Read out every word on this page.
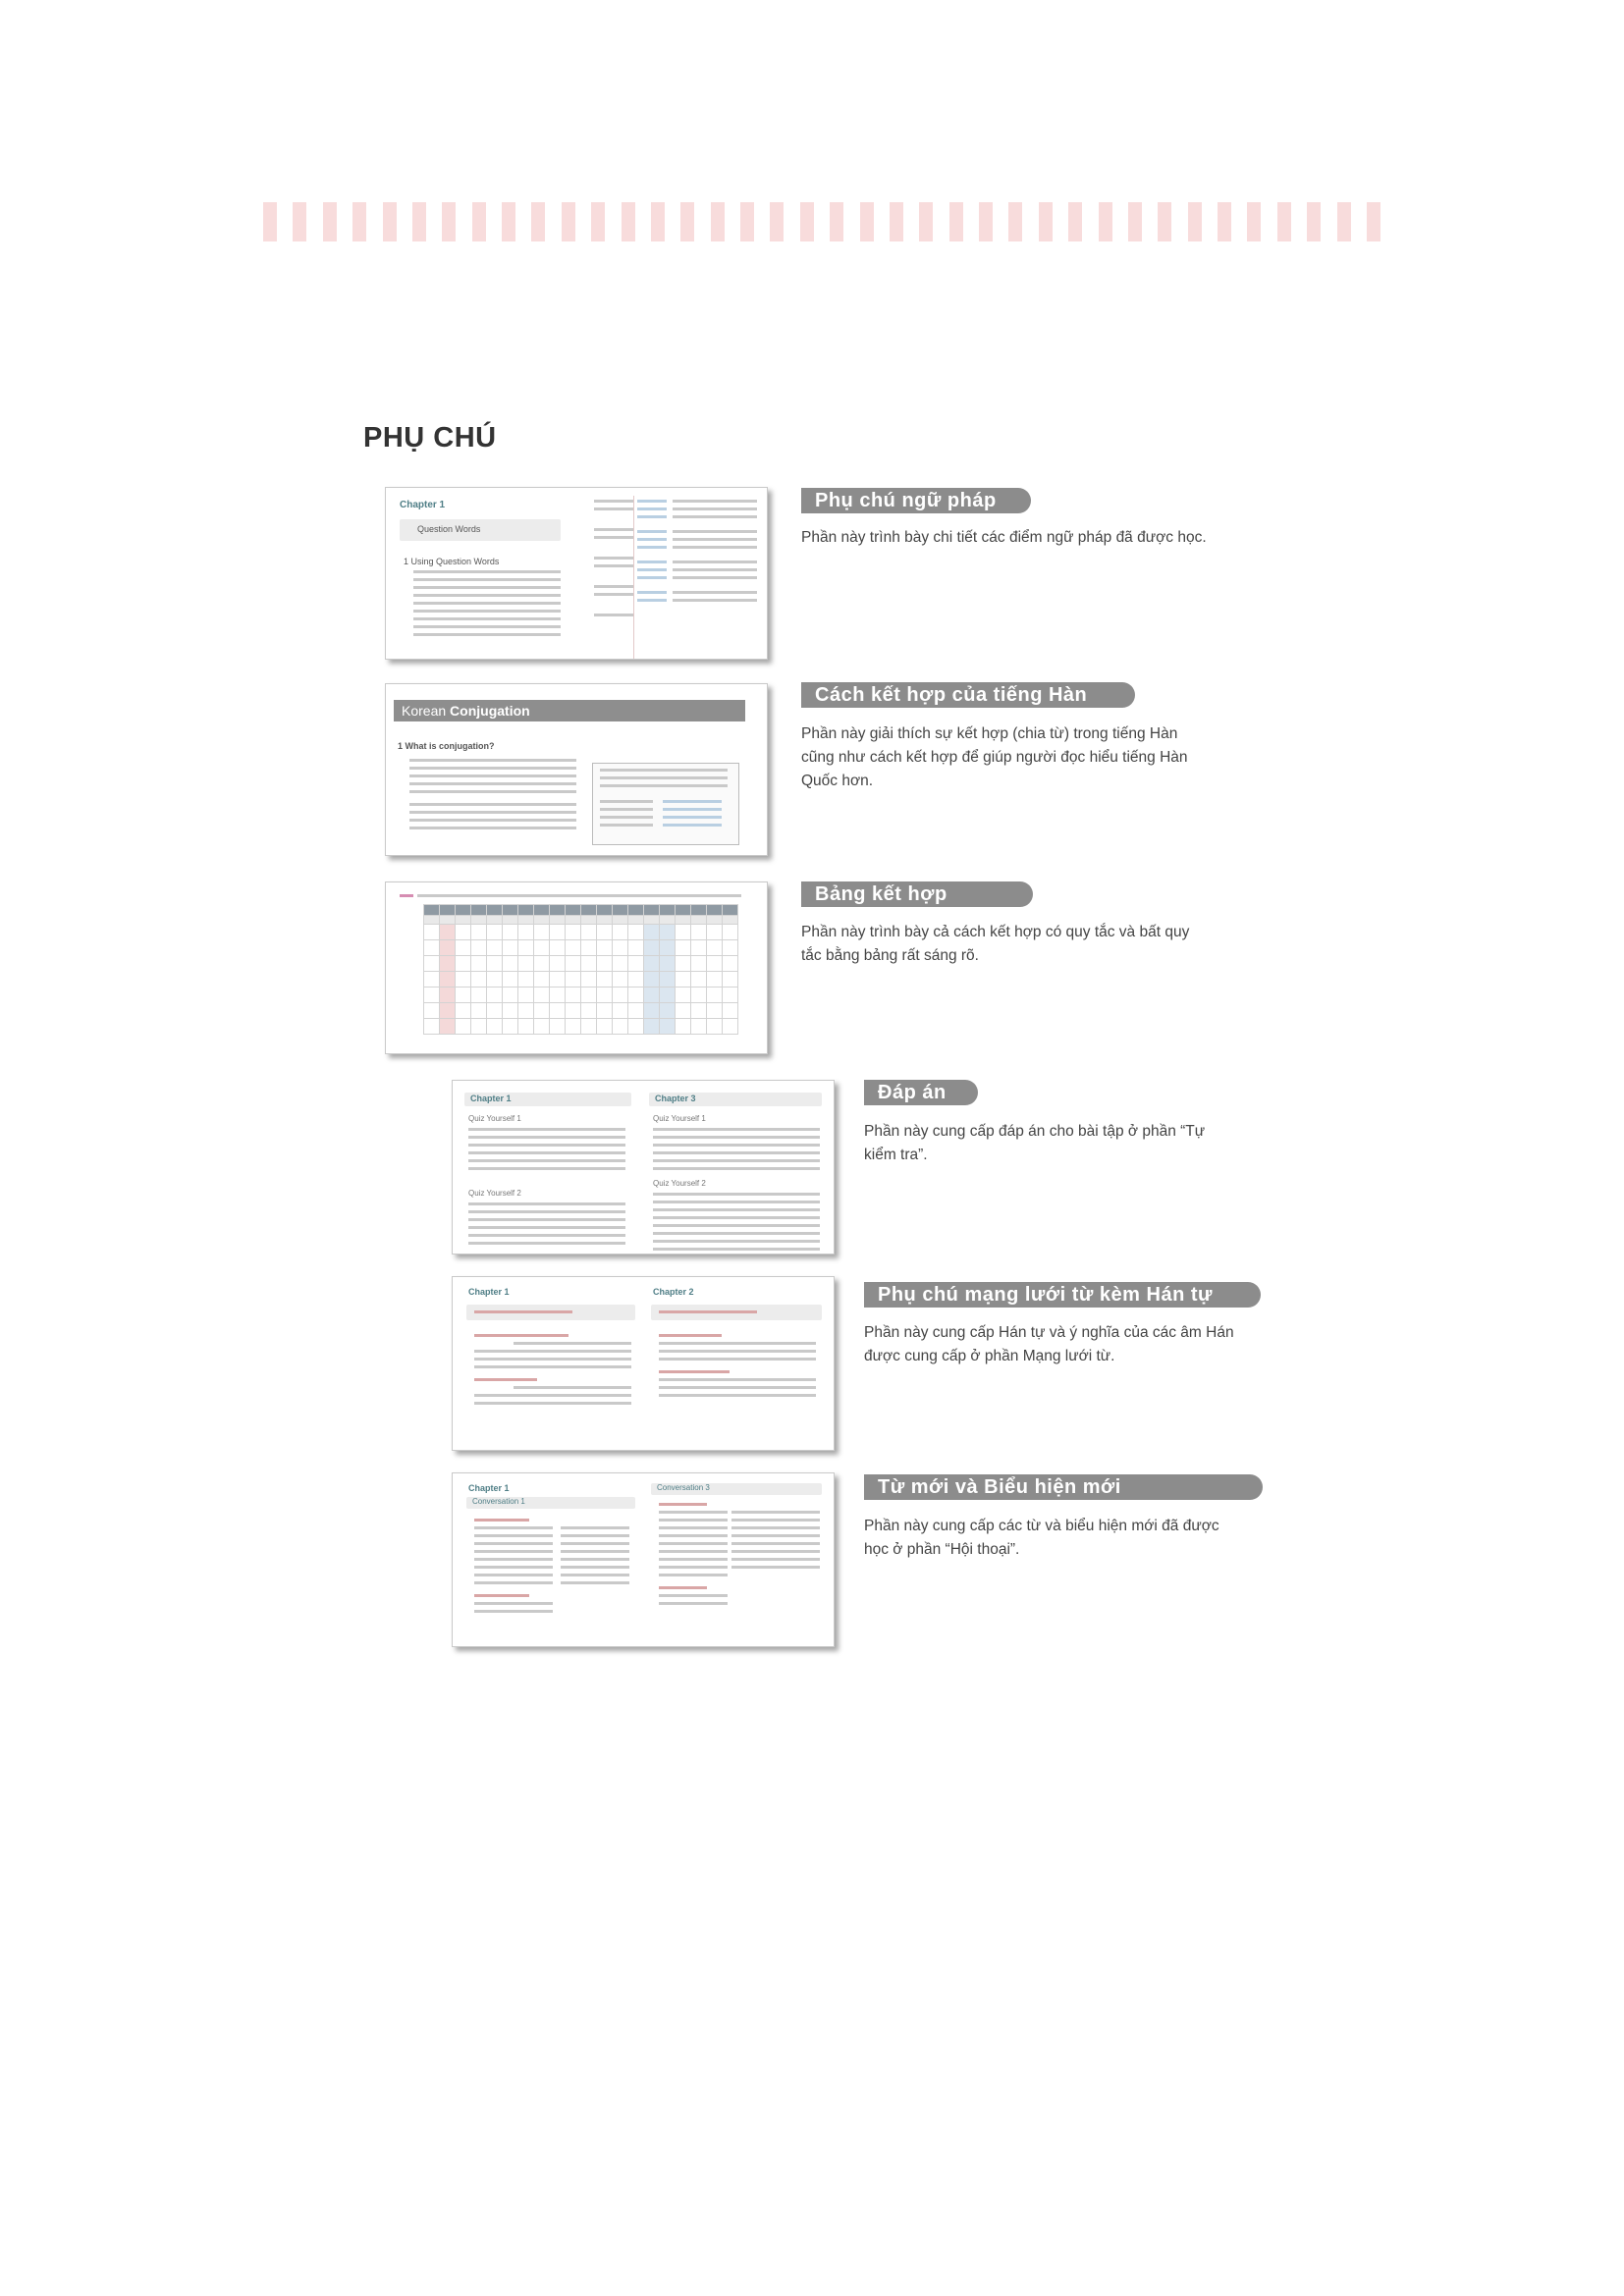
PHỤ CHÚ
Chapter 1
Question Words
1 Using Question Words
Phụ chú ngữ pháp
Phần này trình bày chi tiết các điểm ngữ pháp đã được học.
Korean Conjugation
1 What is conjugation?
Cách kết hợp của tiếng Hàn
Phần này giải thích sự kết hợp (chia từ) trong tiếng Hàn cũng như cách kết hợp để giúp người đọc hiểu tiếng Hàn Quốc hơn.

Bảng kết hợp
Phần này trình bày cả cách kết hợp có quy tắc và bất quy tắc bằng bảng rất sáng rõ.
Chapter 1	Chapter 3
Quiz Yourself 1	Quiz Yourself 1
Quiz Yourself 2
Quiz Yourself 2
Đáp án
Phần này cung cấp đáp án cho bài tập ở phần “Tự kiểm tra”.
Chapter 1	Chapter 2	Phụ chú mạng lưới từ kèm Hán tự
Phần này cung cấp Hán tự và ý nghĩa của các âm Hán được cung cấp ở phần Mạng lưới từ.
Chapter 1
Conversation 1
Conversation 3	Từ mới và Biểu hiện mới
Phần này cung cấp các từ và biểu hiện mới đã được học ở phần “Hội thoại”.
